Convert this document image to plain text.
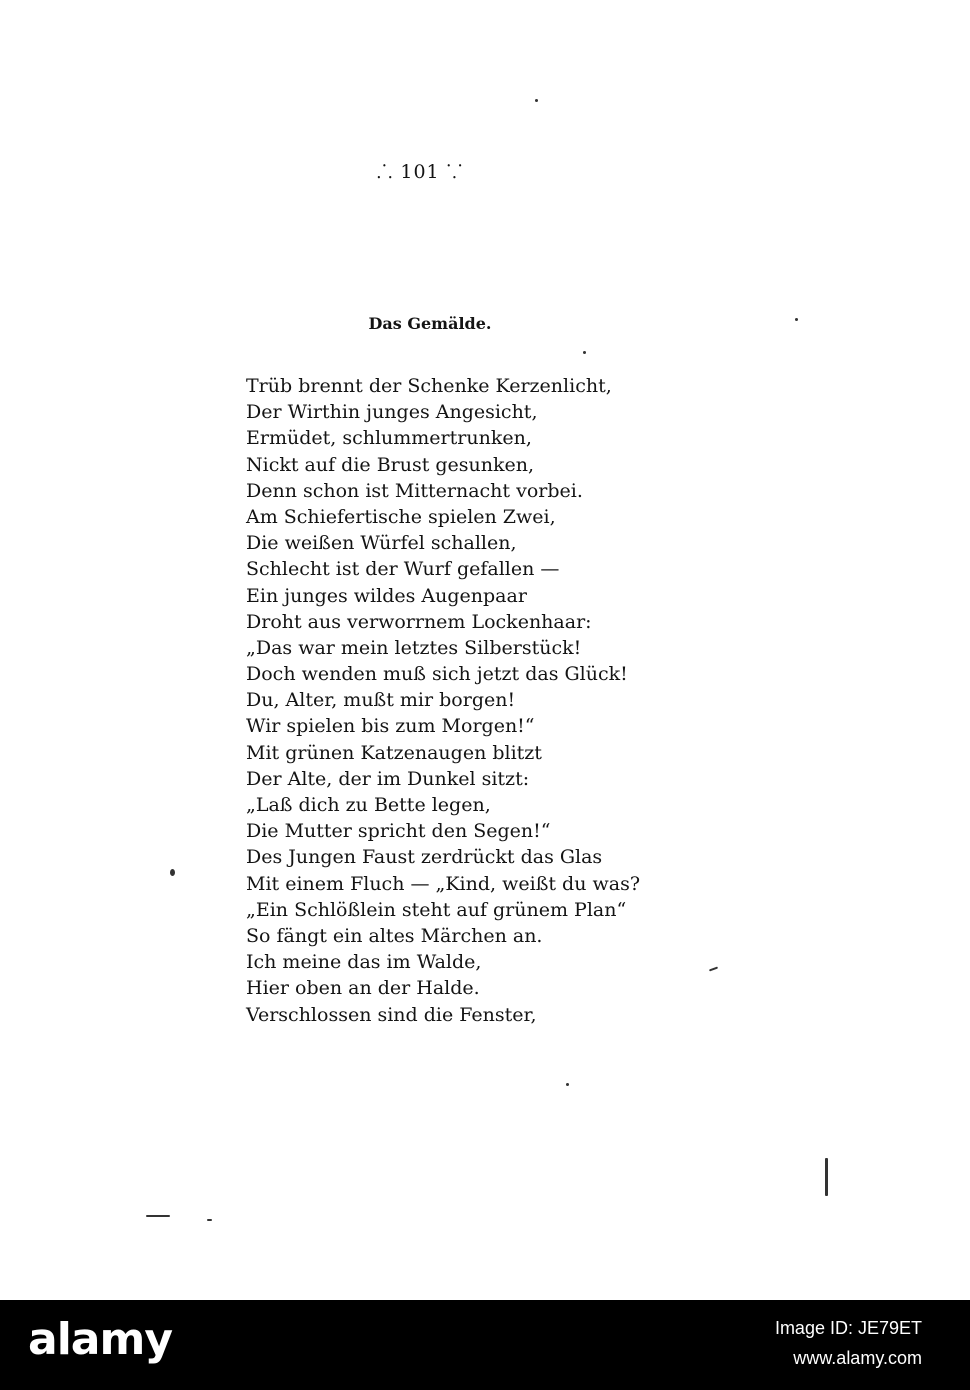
⸫ 101 ⸪
Das Gemälde.
Trüb brennt der Schenke Kerzenlicht,
Der Wirthin junges Angesicht,
Ermüdet, schlummertrunken,
Nickt auf die Brust gesunken,
Denn schon ist Mitternacht vorbei.
Am Schiefertische spielen Zwei,
Die weißen Würfel schallen,
Schlecht ist der Wurf gefallen —
Ein junges wildes Augenpaar
Droht aus verworrnem Lockenhaar:
„Das war mein letztes Silberstück!
Doch wenden muß sich jetzt das Glück!
Du, Alter, mußt mir borgen!
Wir spielen bis zum Morgen!“
Mit grünen Katzenaugen blitzt
Der Alte, der im Dunkel sitzt:
„Laß dich zu Bette legen,
Die Mutter spricht den Segen!“
Des Jungen Faust zerdrückt das Glas
Mit einem Fluch — „Kind, weißt du was?
„Ein Schlößlein steht auf grünem Plan“
So fängt ein altes Märchen an.
Ich meine das im Walde,
Hier oben an der Halde.
Verschlossen sind die Fenster,
alamy	Image ID: JE79ET
www.alamy.com
